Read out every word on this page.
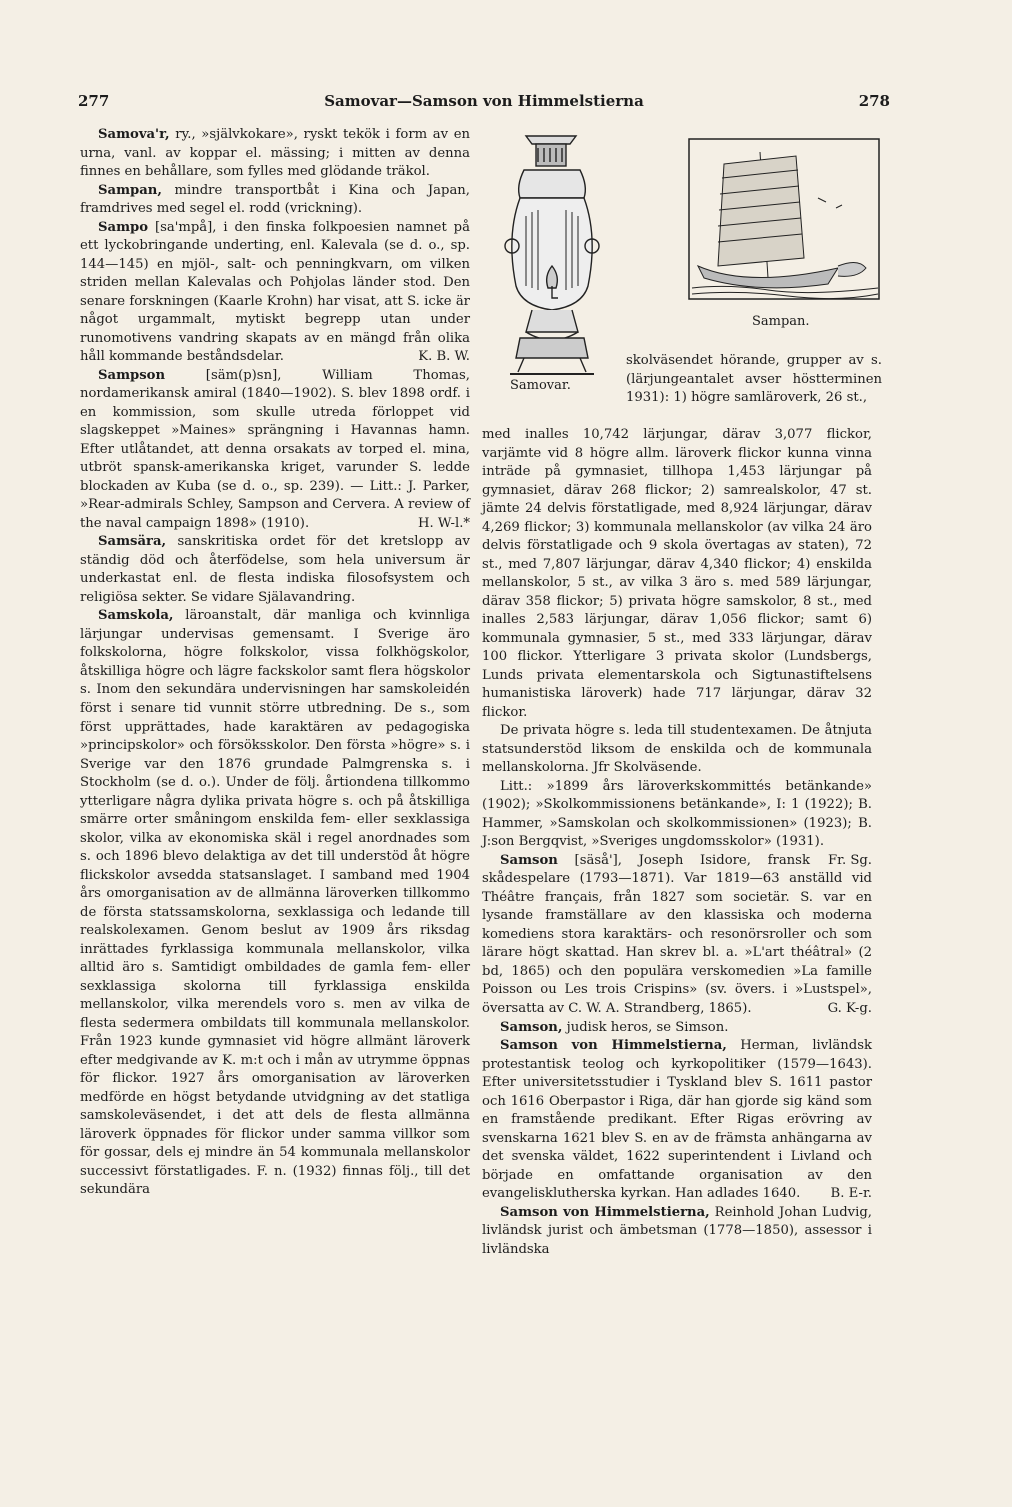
277	Samovar—Samson von Himmelstierna	278
Samovar.
Sampan.

Samova'r, ry., »självkokare», ryskt tekök i form av en urna, vanl. av koppar el. mässing; i mitten av denna finnes en behållare, som fylles med glödande träkol.

Sampan, mindre transportbåt i Kina och Japan, framdrives med segel el. rodd (vrickning).

Sampo [sa'mpå], i den finska folkpoesien namnet på ett lyckobringande underting, enl. Kalevala (se d. o., sp. 144—145) en mjöl-, salt- och penningkvarn, om vilken striden mellan Kalevalas och Pohjolas länder stod. Den senare forskningen (Kaarle Krohn) har visat, att S. icke är något urgammalt, mytiskt begrepp utan under runomotivens vandring skapats av en mängd från olika håll kommande beståndsdelar.	K. B. W.

Sampson [säm(p)sn], William Thomas, nordamerikansk amiral (1840—1902). S. blev 1898 ordf. i en kommission, som skulle utreda förloppet vid slagskeppet »Maines» sprängning i Havannas hamn. Efter utlåtandet, att denna orsakats av torped el. mina, utbröt spansk-amerikanska kriget, varunder S. ledde blockaden av Kuba (se d. o., sp. 239). — Litt.: J. Parker, »Rear-admirals Schley, Sampson and Cervera. A review of the naval campaign 1898» (1910).	H. W-l.*

Samsära, sanskritiska ordet för det kretslopp av ständig död och återfödelse, som hela universum är underkastat enl. de flesta indiska filosofsystem och religiösa sekter. Se vidare Själavandring.

Samskola, läroanstalt, där manliga och kvinnliga lärjungar undervisas gemensamt. I Sverige äro folkskolorna, högre folkskolor, vissa folkhögskolor, åtskilliga högre och lägre fackskolor samt flera högskolor s. Inom den sekundära undervisningen har samskoleidén först i senare tid vunnit större utbredning. De s., som först upprättades, hade karaktären av pedagogiska »principskolor» och försöksskolor. Den första »högre» s. i Sverige var den 1876 grundade Palmgrenska s. i Stockholm (se d. o.). Under de följ. årtiondena tillkommo ytterligare några dylika privata högre s. och på åtskilliga smärre orter småningom enskilda fem- eller sexklassiga skolor, vilka av ekonomiska skäl i regel anordnades som s. och 1896 blevo delaktiga av det till understöd åt högre flickskolor avsedda statsanslaget. I samband med 1904 års omorganisation av de allmänna läroverken tillkommo de första statssamskolorna, sexklassiga och ledande till realskolexamen. Genom beslut av 1909 års riksdag inrättades fyrklassiga kommunala mellanskolor, vilka alltid äro s. Samtidigt ombildades de gamla fem- eller sexklassiga skolorna till fyrklassiga enskilda mellanskolor, vilka merendels voro s. men av vilka de flesta sedermera ombildats till kommunala mellanskolor. Från 1923 kunde gymnasiet vid högre allmänt läroverk efter medgivande av K. m:t och i mån av utrymme öppnas för flickor. 1927 års omorganisation av läroverken medförde en högst betydande utvidgning av det statliga samskoleväsendet, i det att dels de flesta allmänna läroverk öppnades för flickor under samma villkor som för gossar, dels ej mindre än 54 kommunala mellanskolor successivt förstatligades. F. n. (1932) finnas följ., till det sekundära

skolväsendet hörande, grupper av s. (lärjungeantalet avser höstterminen 1931): 1) högre samläroverk, 26 st.,

med inalles 10,742 lärjungar, därav 3,077 flickor, varjämte vid 8 högre allm. läroverk flickor kunna vinna inträde på gymnasiet, tillhopa 1,453 lärjungar på gymnasiet, därav 268 flickor; 2) samrealskolor, 47 st. jämte 24 delvis förstatligade, med 8,924 lärjungar, därav 4,269 flickor; 3) kommunala mellanskolor (av vilka 24 äro delvis förstatligade och 9 skola övertagas av staten), 72 st., med 7,807 lärjungar, därav 4,340 flickor; 4) enskilda mellanskolor, 5 st., av vilka 3 äro s. med 589 lärjungar, därav 358 flickor; 5) privata högre samskolor, 8 st., med inalles 2,583 lärjungar, därav 1,056 flickor; samt 6) kommunala gymnasier, 5 st., med 333 lärjungar, därav 100 flickor. Ytterligare 3 privata skolor (Lundsbergs, Lunds privata elementarskola och Sigtunastiftelsens humanistiska läroverk) hade 717 lärjungar, därav 32 flickor.

De privata högre s. leda till studentexamen. De åtnjuta statsunderstöd liksom de enskilda och de kommunala mellanskolorna. Jfr Skolväsende.

Litt.: »1899 års läroverkskommittés betänkande» (1902); »Skolkommissionens betänkande», I: 1 (1922); B. Hammer, »Samskolan och skolkommissionen» (1923); B. J:son Bergqvist, »Sveriges ungdomsskolor» (1931).
Fr. Sg.

Samson [säså'], Joseph Isidore, fransk skådespelare (1793—1871). Var 1819—63 anställd vid Théâtre français, från 1827 som societär. S. var en lysande framställare av den klassiska och moderna komediens stora karaktärs- och resonörsroller och som lärare högt skattad. Han skrev bl. a. »L'art théâtral» (2 bd, 1865) och den populära verskomedien »La famille Poisson ou Les trois Crispins» (sv. övers. i »Lustspel», översatta av C. W. A. Strandberg, 1865).	G. K-g.

Samson, judisk heros, se Simson.

Samson von Himmelstierna, Herman, livländsk protestantisk teolog och kyrkopolitiker (1579—1643). Efter universitetsstudier i Tyskland blev S. 1611 pastor och 1616 Oberpastor i Riga, där han gjorde sig känd som en framstående predikant. Efter Rigas erövring av svenskarna 1621 blev S. en av de främsta anhängarna av det svenska väldet, 1622 superintendent i Livland och började en omfattande organisation av den evangelisklutherska kyrkan. Han adlades 1640.	B. E-r.

Samson von Himmelstierna, Reinhold Johan Ludvig, livländsk jurist och ämbetsman (1778—1850), assessor i livländska
